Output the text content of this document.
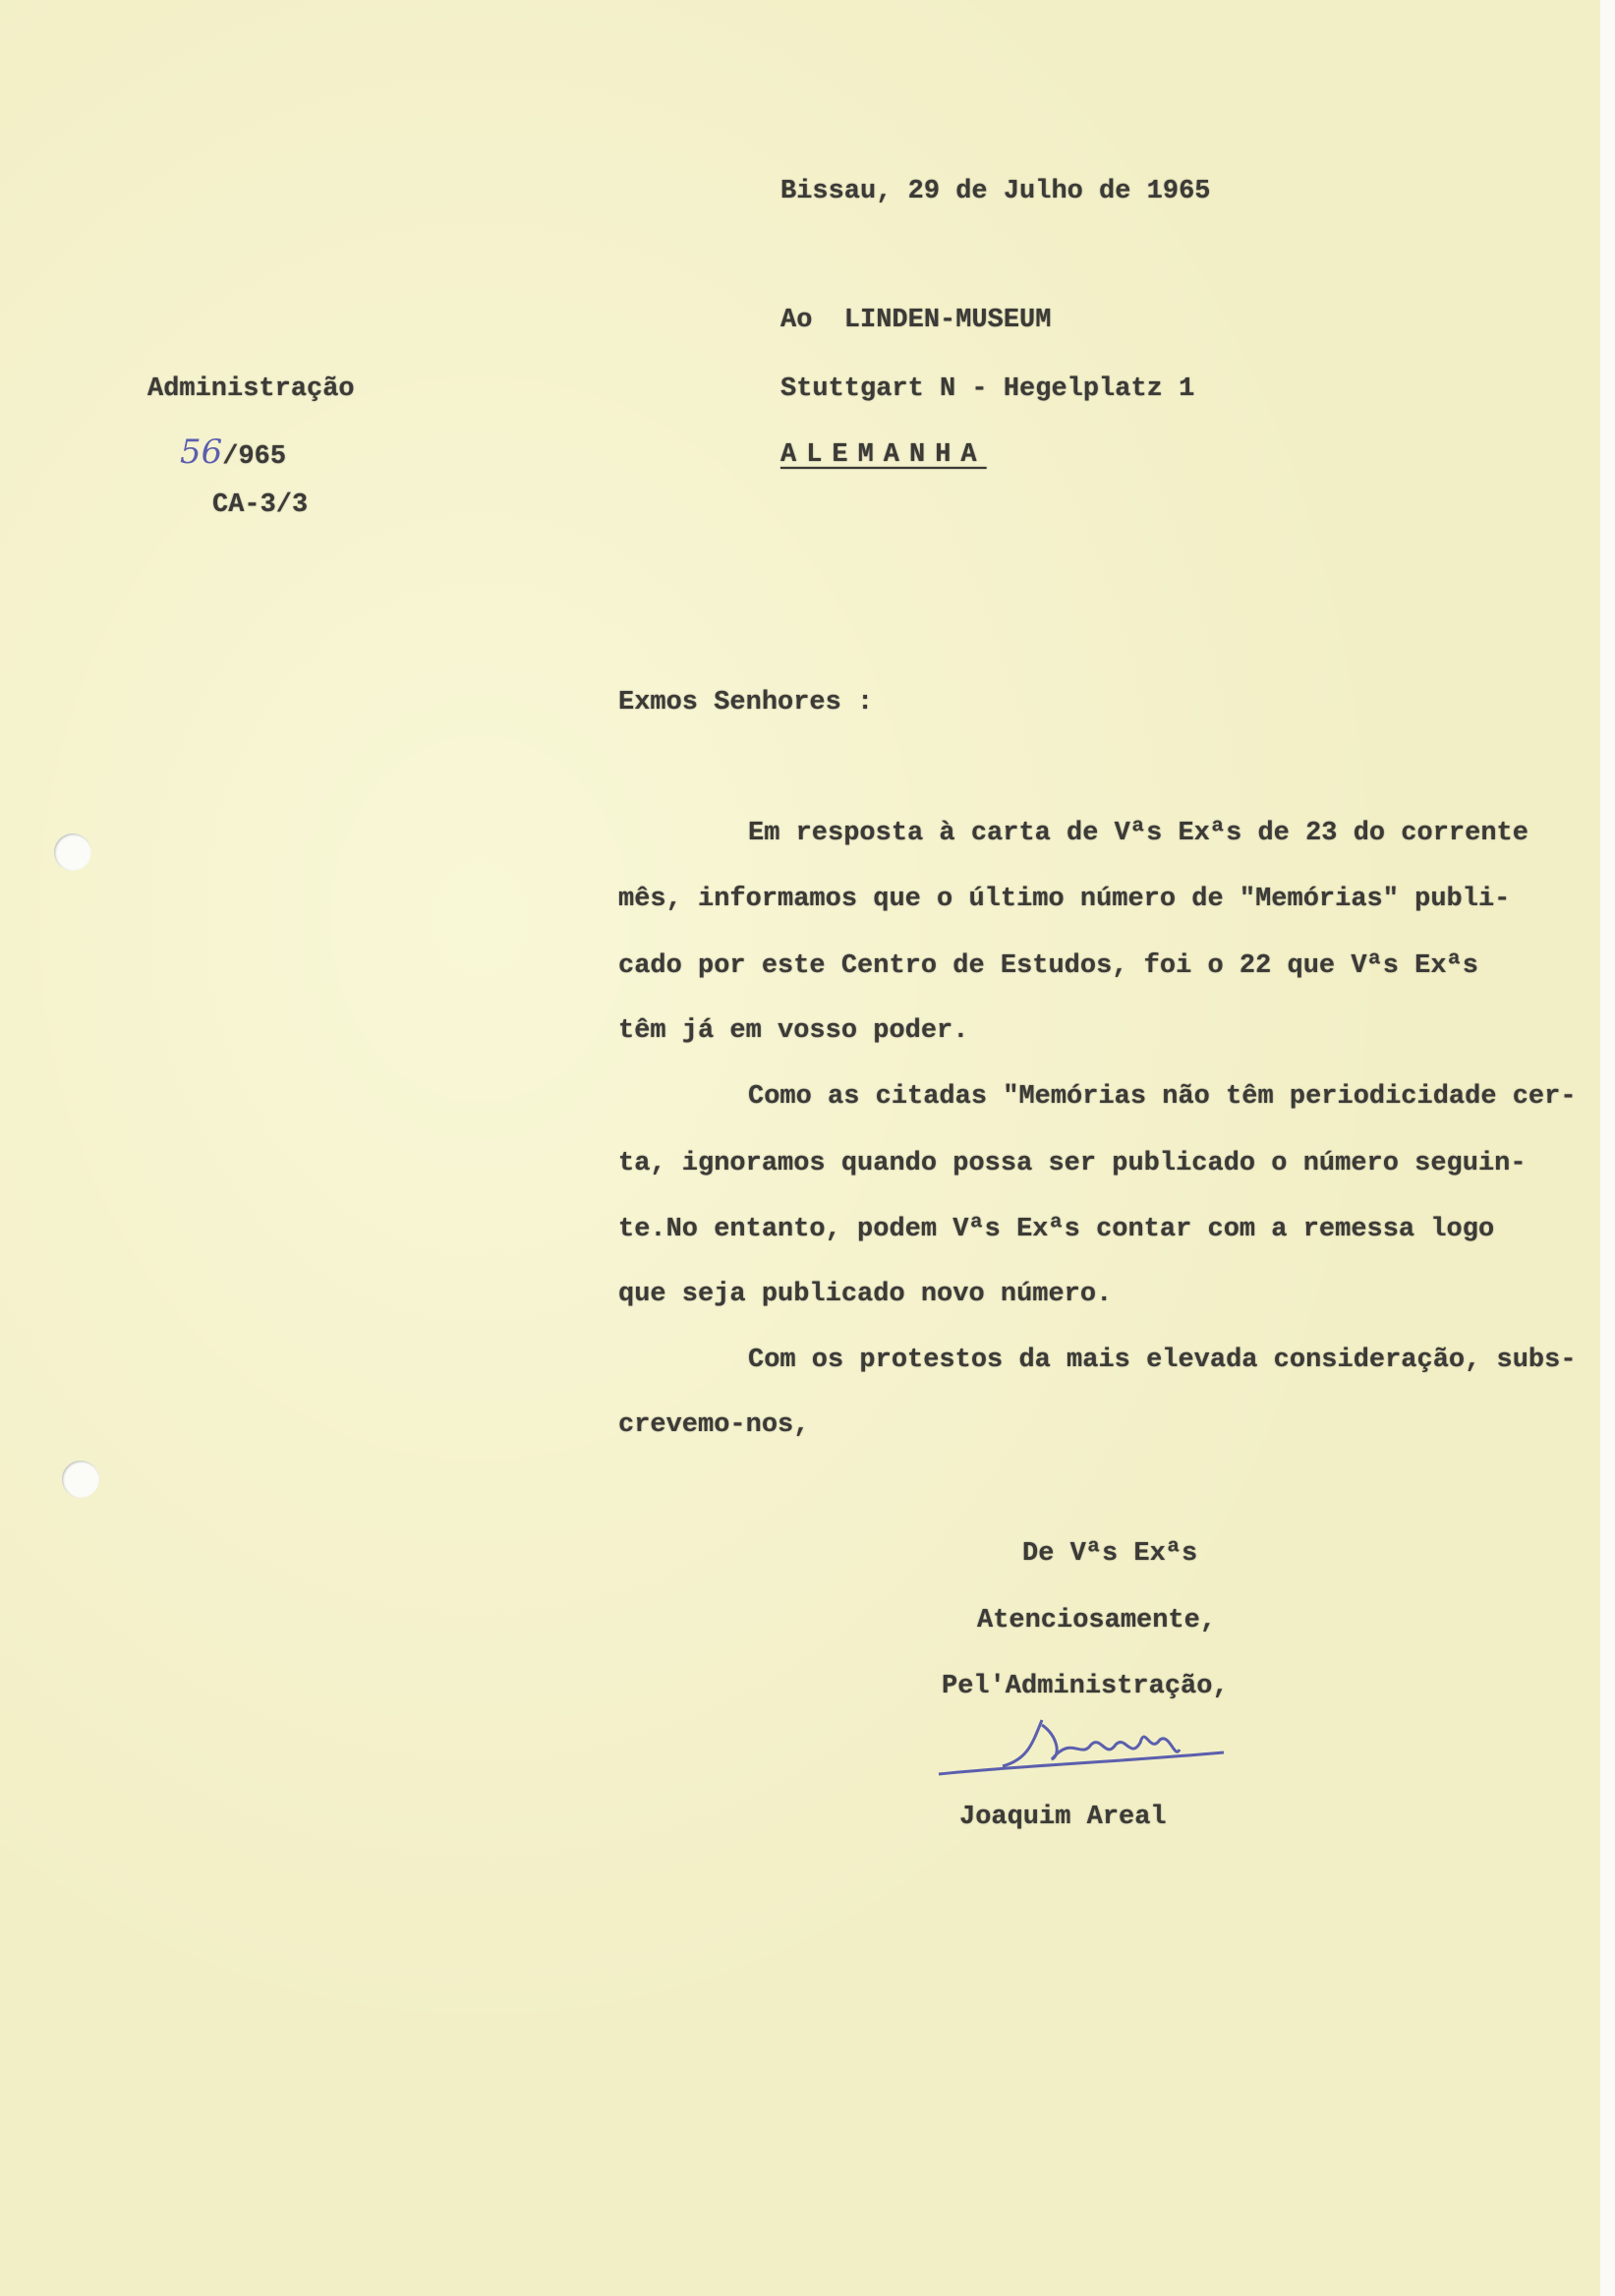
Bissau, 29 de Julho de 1965
Ao  LINDEN-MUSEUM
Stuttgart N - Hegelplatz 1
ALEMANHA
Administração
56/965
CA-3/3
Exmos Senhores :
Em resposta à carta de Vªs Exªs de 23 do corrente
mês, informamos que o último número de "Memórias" publi-
cado por este Centro de Estudos, foi o 22 que Vªs Exªs
têm já em vosso poder.
Como as citadas "Memórias não têm periodicidade cer-
ta, ignoramos quando possa ser publicado o número seguin-
te.No entanto, podem Vªs Exªs contar com a remessa logo
que seja publicado novo número.
Com os protestos da mais elevada consideração, subs-
crevemo-nos,
De Vªs Exªs
Atenciosamente,
Pel'Administração,
Joaquim Areal
